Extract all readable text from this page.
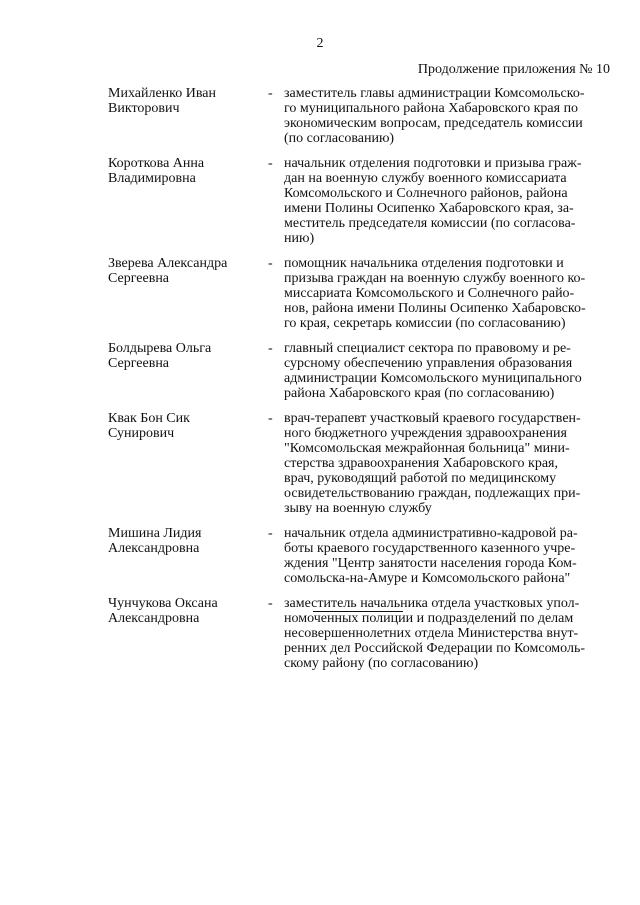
2
Продолжение приложения № 10
Михайленко Иван
Викторович
- заместитель главы администрации Комсомольско-
го муниципального района Хабаровского края по
экономическим вопросам, председатель комиссии
(по согласованию)
Короткова Анна
Владимировна
- начальник отделения подготовки и призыва граж-
дан на военную службу военного комиссариата
Комсомольского и Солнечного районов, района
имени Полины Осипенко Хабаровского края, за-
меститель председателя комиссии (по согласова-
нию)
Зверева Александра
Сергеевна
- помощник начальника отделения подготовки и
призыва граждан на военную службу военного ко-
миссариата Комсомольского и Солнечного райо-
нов, района имени Полины Осипенко Хабаровско-
го края, секретарь комиссии (по согласованию)
Болдырева Ольга
Сергеевна
- главный специалист сектора по правовому и ре-
сурсному обеспечению управления образования
администрации Комсомольского муниципального
района Хабаровского края (по согласованию)
Квак Бон Сик
Сунирович
- врач-терапевт участковый краевого государствен-
ного бюджетного учреждения здравоохранения
"Комсомольская межрайонная больница" мини-
стерства здравоохранения Хабаровского края,
врач, руководящий работой по медицинскому
освидетельствованию граждан, подлежащих при-
зыву на военную службу
Мишина Лидия
Александровна
- начальник отдела административно-кадровой ра-
боты краевого государственного казенного учре-
ждения "Центр занятости населения города Ком-
сомольска-на-Амуре и Комсомольского района"
Чунчукова Оксана
Александровна
- заместитель начальника отдела участковых упол-
номоченных полиции и подразделений по делам
несовершеннолетних отдела Министерства внут-
ренних дел Российской Федерации по Комсомоль-
скому району (по согласованию)
